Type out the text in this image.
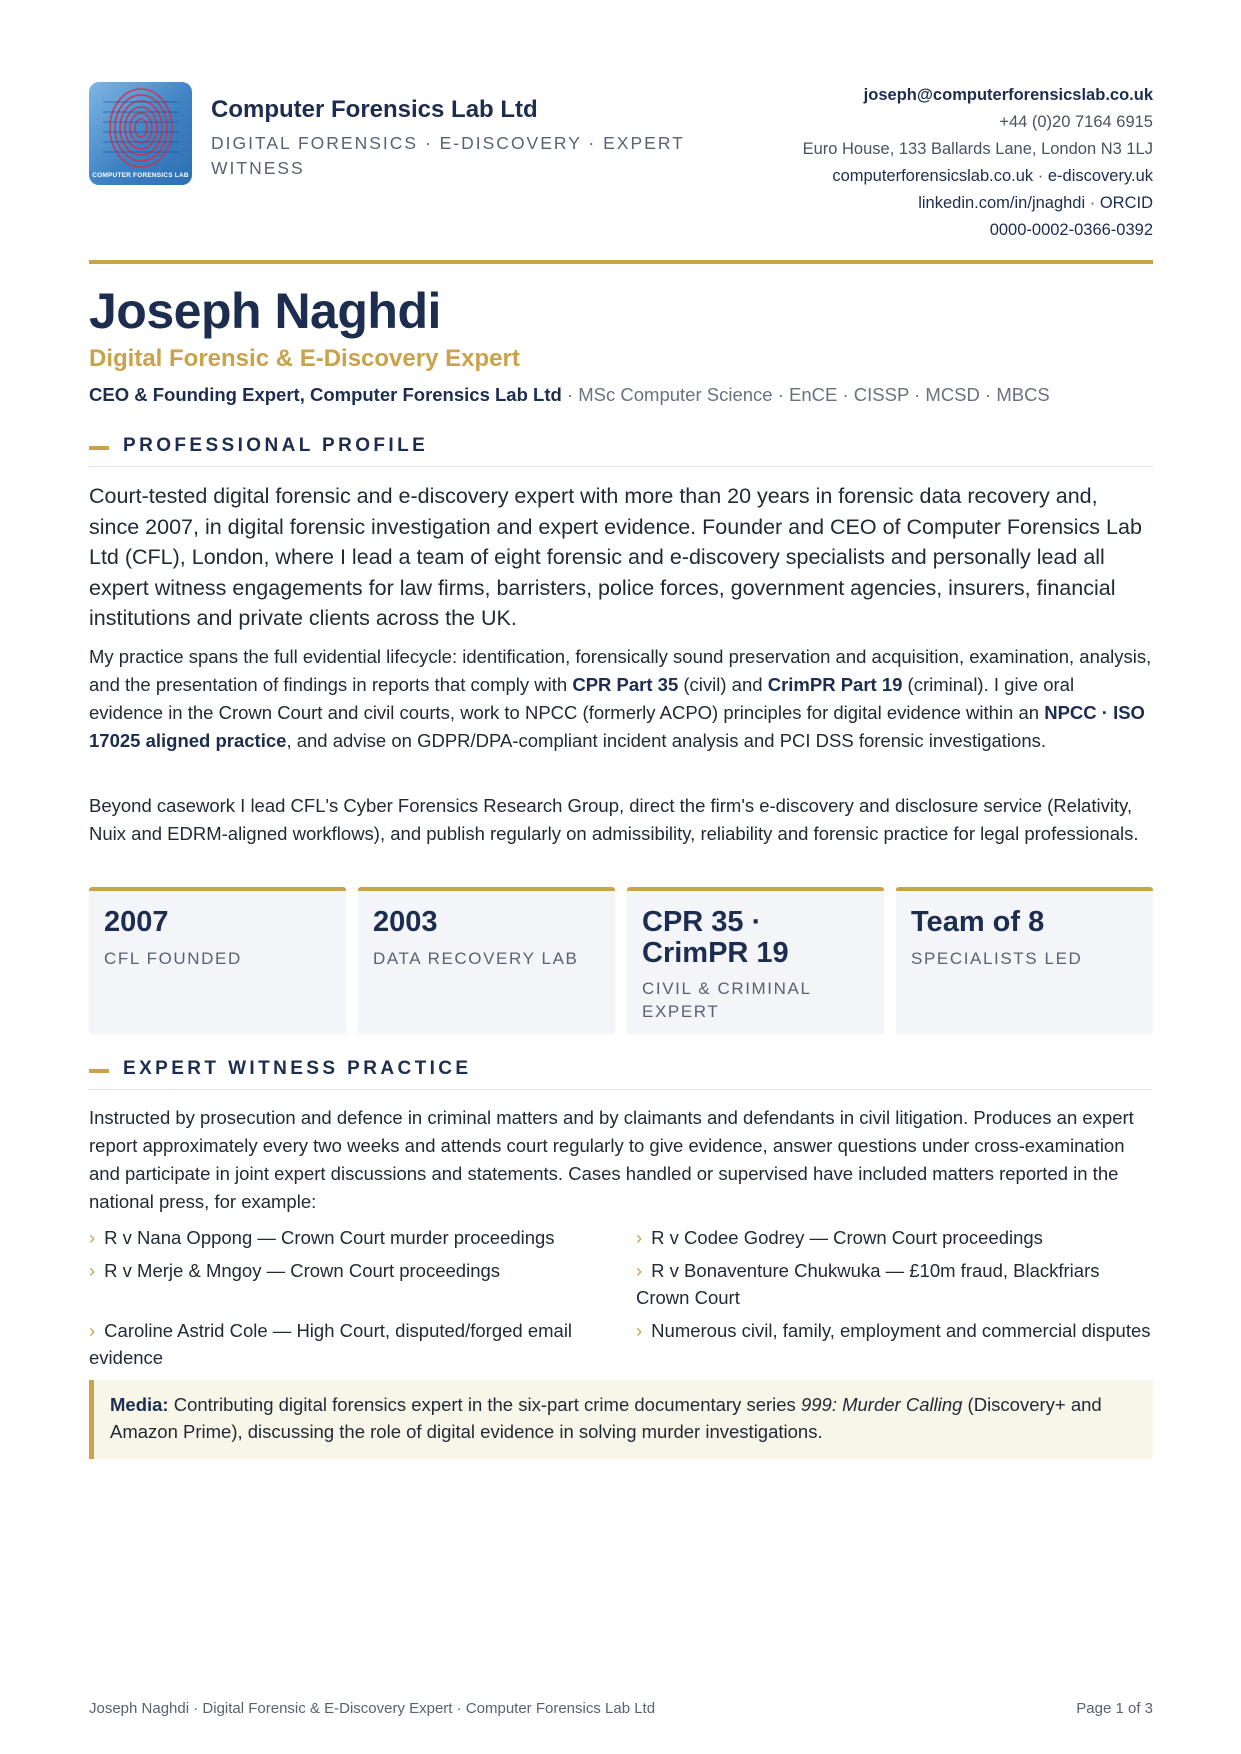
COMPUTER FORENSICS LAB
Computer Forensics Lab Ltd
DIGITAL FORENSICS · E-DISCOVERY · EXPERT WITNESS
joseph@computerforensicslab.co.uk
+44 (0)20 7164 6915
Euro House, 133 Ballards Lane, London N3 1LJ
computerforensicslab.co.uk · e-discovery.uk
linkedin.com/in/jnaghdi · ORCID
0000-0002-0366-0392
Joseph Naghdi
Digital Forensic & E-Discovery Expert
CEO & Founding Expert, Computer Forensics Lab Ltd · MSc Computer Science · EnCE · CISSP · MCSD · MBCS
PROFESSIONAL PROFILE
Court-tested digital forensic and e-discovery expert with more than 20 years in forensic data recovery and, since 2007, in digital forensic investigation and expert evidence. Founder and CEO of Computer Forensics Lab Ltd (CFL), London, where I lead a team of eight forensic and e-discovery specialists and personally lead all expert witness engagements for law firms, barristers, police forces, government agencies, insurers, financial institutions and private clients across the UK.
My practice spans the full evidential lifecycle: identification, forensically sound preservation and acquisition, examination, analysis, and the presentation of findings in reports that comply with CPR Part 35 (civil) and CrimPR Part 19 (criminal). I give oral evidence in the Crown Court and civil courts, work to NPCC (formerly ACPO) principles for digital evidence within an NPCC · ISO 17025 aligned practice, and advise on GDPR/DPA-compliant incident analysis and PCI DSS forensic investigations.
Beyond casework I lead CFL's Cyber Forensics Research Group, direct the firm's e-discovery and disclosure service (Relativity, Nuix and EDRM-aligned workflows), and publish regularly on admissibility, reliability and forensic practice for legal professionals.
2007
CFL FOUNDED
2003
DATA RECOVERY LAB
CPR 35 · CrimPR 19
CIVIL & CRIMINAL EXPERT
Team of 8
SPECIALISTS LED
EXPERT WITNESS PRACTICE
Instructed by prosecution and defence in criminal matters and by claimants and defendants in civil litigation. Produces an expert report approximately every two weeks and attends court regularly to give evidence, answer questions under cross-examination and participate in joint expert discussions and statements. Cases handled or supervised have included matters reported in the national press, for example:
› R v Nana Oppong — Crown Court murder proceedings	› R v Codee Godrey — Crown Court proceedings
› R v Merje & Mngoy — Crown Court proceedings	› R v Bonaventure Chukwuka — £10m fraud, Blackfriars Crown Court
› Caroline Astrid Cole — High Court, disputed/forged email evidence
› Numerous civil, family, employment and commercial disputes
Media: Contributing digital forensics expert in the six-part crime documentary series 999: Murder Calling (Discovery+ and Amazon Prime), discussing the role of digital evidence in solving murder investigations.
Joseph Naghdi · Digital Forensic & E-Discovery Expert · Computer Forensics Lab Ltd	Page 1 of 3
